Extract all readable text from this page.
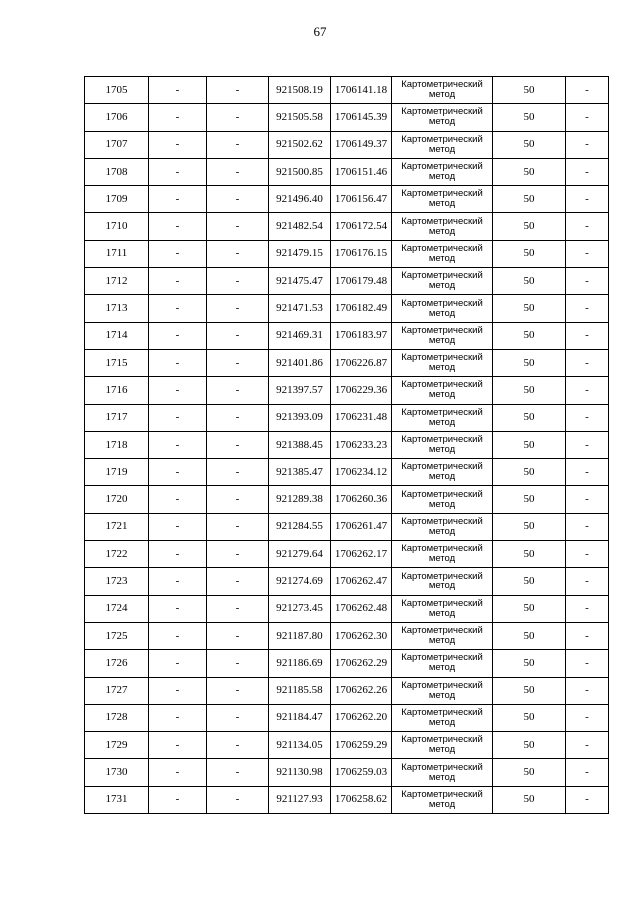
67
1705	-	-	921508.19	1706141.18	Картометрический
метод	50	-
1706	-	-	921505.58	1706145.39	Картометрический
метод	50	-
1707	-	-	921502.62	1706149.37	Картометрический
метод	50	-
1708	-	-	921500.85	1706151.46	Картометрический
метод	50	-
1709	-	-	921496.40	1706156.47	Картометрический
метод	50	-
1710	-	-	921482.54	1706172.54	Картометрический
метод	50	-
1711	-	-	921479.15	1706176.15	Картометрический
метод	50	-
1712	-	-	921475.47	1706179.48	Картометрический
метод	50	-
1713	-	-	921471.53	1706182.49	Картометрический
метод	50	-
1714	-	-	921469.31	1706183.97	Картометрический
метод	50	-
1715	-	-	921401.86	1706226.87	Картометрический
метод	50	-
1716	-	-	921397.57	1706229.36	Картометрический
метод	50	-
1717	-	-	921393.09	1706231.48	Картометрический
метод	50	-
1718	-	-	921388.45	1706233.23	Картометрический
метод	50	-
1719	-	-	921385.47	1706234.12	Картометрический
метод	50	-
1720	-	-	921289.38	1706260.36	Картометрический
метод	50	-
1721	-	-	921284.55	1706261.47	Картометрический
метод	50	-
1722	-	-	921279.64	1706262.17	Картометрический
метод	50	-
1723	-	-	921274.69	1706262.47	Картометрический
метод	50	-
1724	-	-	921273.45	1706262.48	Картометрический
метод	50	-
1725	-	-	921187.80	1706262.30	Картометрический
метод	50	-
1726	-	-	921186.69	1706262.29	Картометрический
метод	50	-
1727	-	-	921185.58	1706262.26	Картометрический
метод	50	-
1728	-	-	921184.47	1706262.20	Картометрический
метод	50	-
1729	-	-	921134.05	1706259.29	Картометрический
метод	50	-
1730	-	-	921130.98	1706259.03	Картометрический
метод	50	-
1731	-	-	921127.93	1706258.62	Картометрический
метод	50	-
